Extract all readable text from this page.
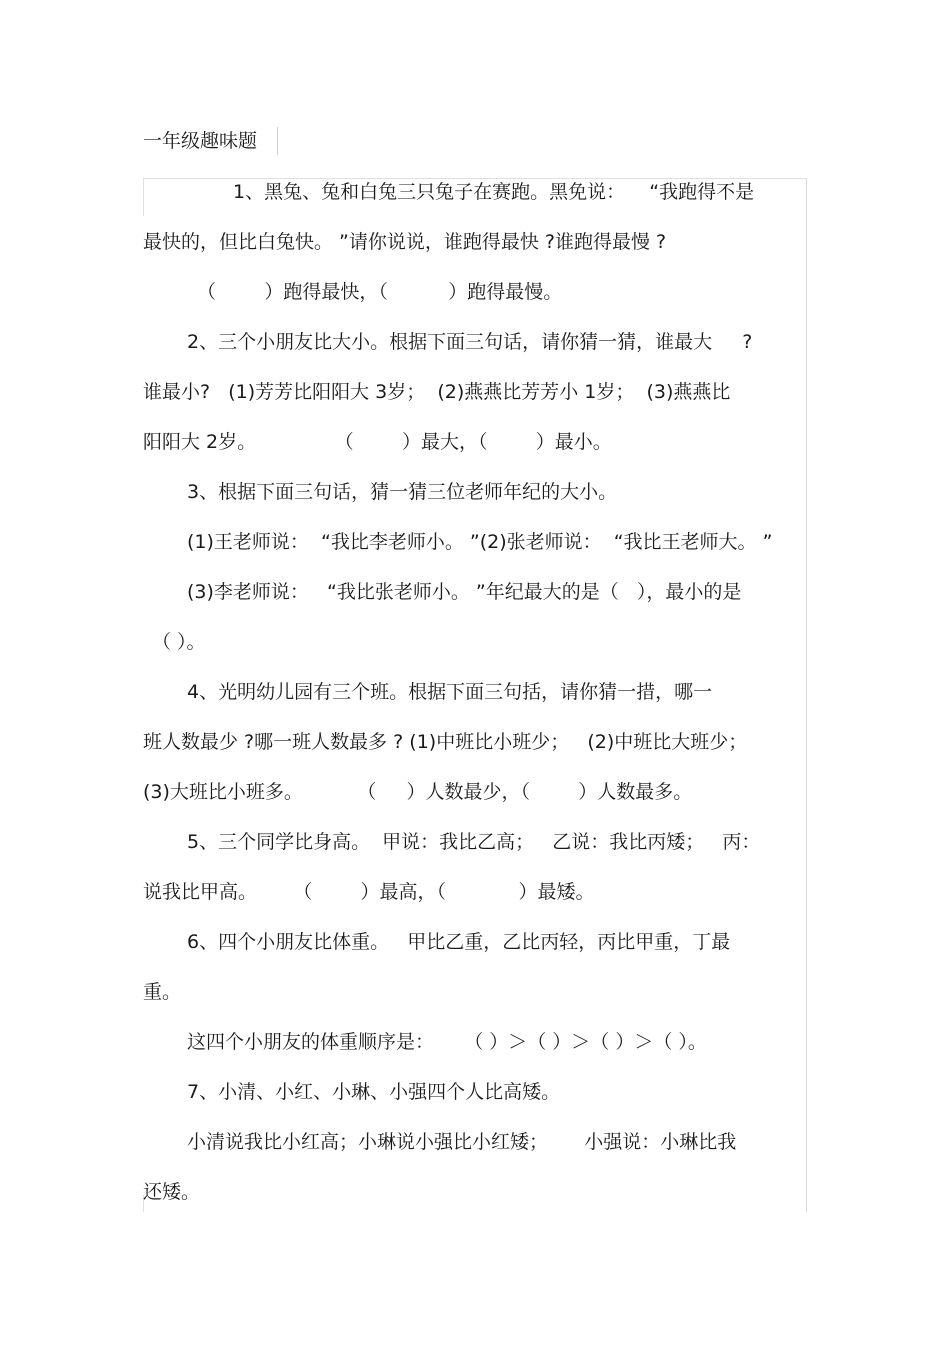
一年级趣味题
1、黑兔、兔和白兔三只兔子在赛跑。黑免说：    “我跑得不是
最快的，但比白兔快。 ”请你说说，谁跑得最快 ?谁跑得最慢 ?
（        ）跑得最快，（          ）跑得最慢。
2、三个小朋友比大小。根据下面三句话，请你猜一猜，谁最大     ?
谁最小?   (1)芳芳比阳阳大 3岁；  (2)燕燕比芳芳小 1岁；  (3)燕燕比
阳阳大 2岁。             （        ）最大，（        ）最小。
3、根据下面三句话，猜一猜三位老师年纪的大小。
(1)王老师说：  “我比李老师小。 ”(2)张老师说：  “我比王老师大。 ”
(3)李老师说：   “我比张老师小。 ”年纪最大的是（   ），最小的是
（ ）。
4、光明幼儿园有三个班。根据下面三句括，请你猜一措，哪一
班人数最少 ?哪一班人数最多 ? (1)中班比小班少；   (2)中班比大班少；
(3)大班比小班多。         （     ）人数最少，（        ）人数最多。
5、三个同学比身高。  甲说：我比乙高；   乙说：我比丙矮；   丙：
说我比甲高。      （        ）最高，（            ）最矮。
6、四个小朋友比体重。   甲比乙重，乙比丙轻，丙比甲重，丁最
重。
这四个小朋友的体重顺序是：     （ ）＞（ ）＞（ ）＞（ ）。
7、小清、小红、小琳、小强四个人比高矮。
小清说我比小红高；小琳说小强比小红矮；      小强说：小琳比我
还矮。
